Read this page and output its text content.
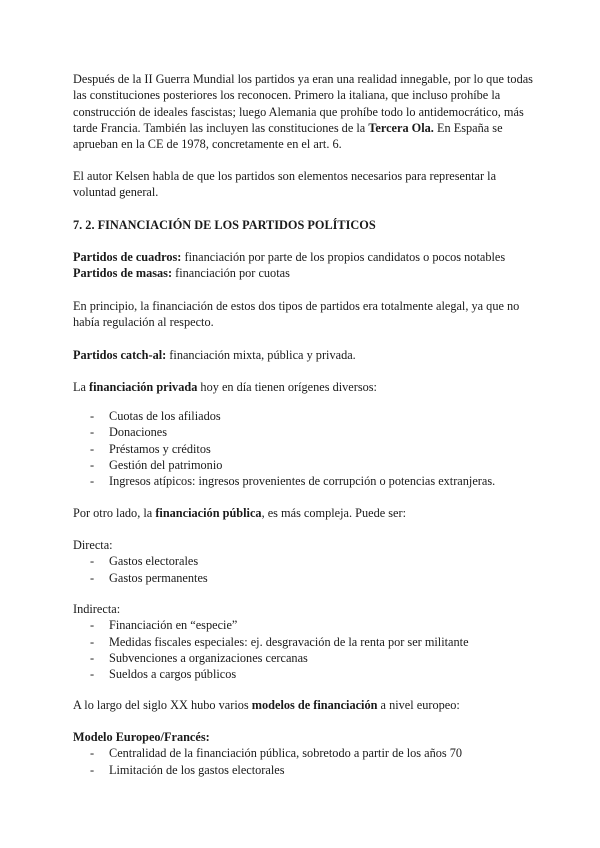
Después de la II Guerra Mundial los partidos ya eran una realidad innegable, por lo que todas las constituciones posteriores los reconocen. Primero la italiana, que incluso prohíbe la construcción de ideales fascistas; luego Alemania que prohíbe todo lo antidemocrático, más tarde Francia. También las incluyen las constituciones de la Tercera Ola. En España se aprueban en la CE de 1978, concretamente en el art. 6.

El autor Kelsen habla de que los partidos son elementos necesarios para representar la voluntad general.

7. 2. FINANCIACIÓN DE LOS PARTIDOS POLÍTICOS

Partidos de cuadros: financiación por parte de los propios candidatos o pocos notables

Partidos de masas: financiación por cuotas

En principio, la financiación de estos dos tipos de partidos era totalmente alegal, ya que no había regulación al respecto.

Partidos catch-al: financiación mixta, pública y privada.

La financiación privada hoy en día tienen orígenes diversos:

- Cuotas de los afiliados
- Donaciones
- Préstamos y créditos
- Gestión del patrimonio
- Ingresos atípicos: ingresos provenientes de corrupción o potencias extranjeras.

Por otro lado, la financiación pública, es más compleja. Puede ser:

Directa:

- Gastos electorales
- Gastos permanentes

Indirecta:

- Financiación en “especie”
- Medidas fiscales especiales: ej. desgravación de la renta por ser militante
- Subvenciones a organizaciones cercanas
- Sueldos a cargos públicos

A lo largo del siglo XX hubo varios modelos de financiación a nivel europeo:

Modelo Europeo/Francés:

- Centralidad de la financiación pública, sobretodo a partir de los años 70
- Limitación de los gastos electorales
